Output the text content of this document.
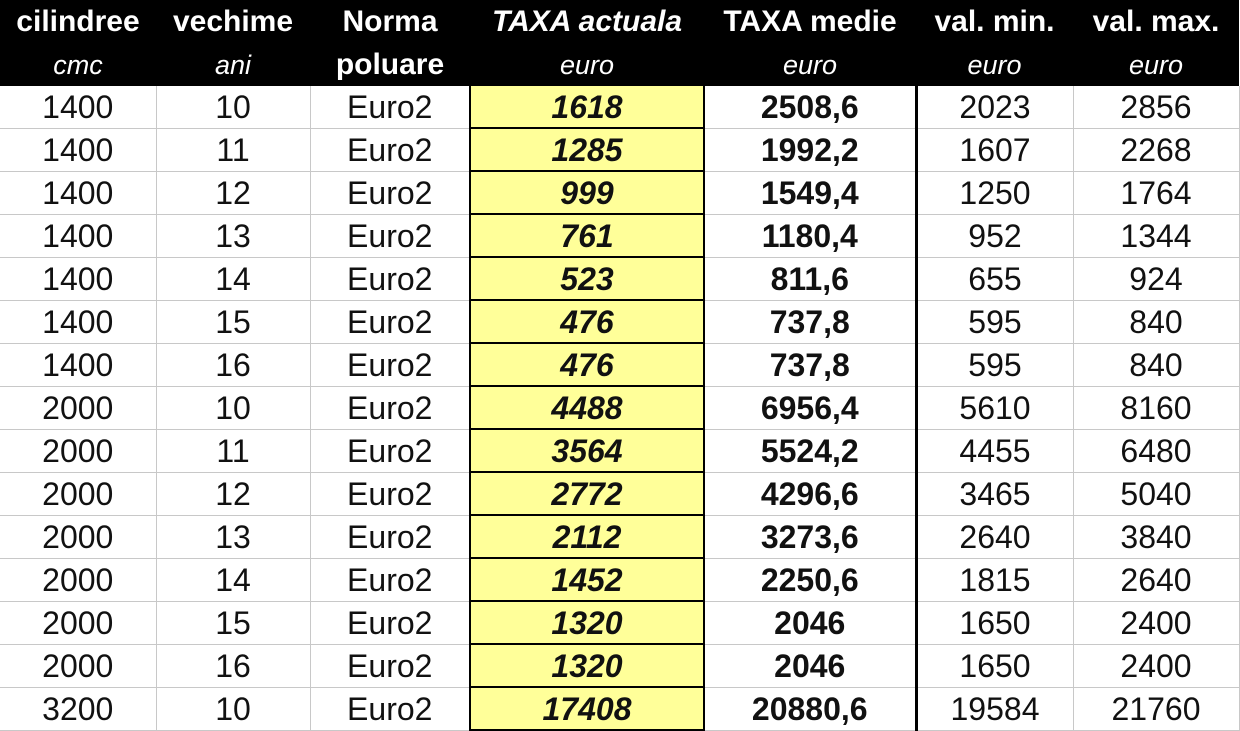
cilindree	vechime	Norma	TAXA actuala	TAXA medie	val. min.	val. max.
cmc	ani	poluare	euro	euro	euro	euro
1400	10	Euro2	1618	2508,6	2023	2856
1400	11	Euro2	1285	1992,2	1607	2268
1400	12	Euro2	999	1549,4	1250	1764
1400	13	Euro2	761	1180,4	952	1344
1400	14	Euro2	523	811,6	655	924
1400	15	Euro2	476	737,8	595	840
1400	16	Euro2	476	737,8	595	840
2000	10	Euro2	4488	6956,4	5610	8160
2000	11	Euro2	3564	5524,2	4455	6480
2000	12	Euro2	2772	4296,6	3465	5040
2000	13	Euro2	2112	3273,6	2640	3840
2000	14	Euro2	1452	2250,6	1815	2640
2000	15	Euro2	1320	2046	1650	2400
2000	16	Euro2	1320	2046	1650	2400
3200	10	Euro2	17408	20880,6	19584	21760
